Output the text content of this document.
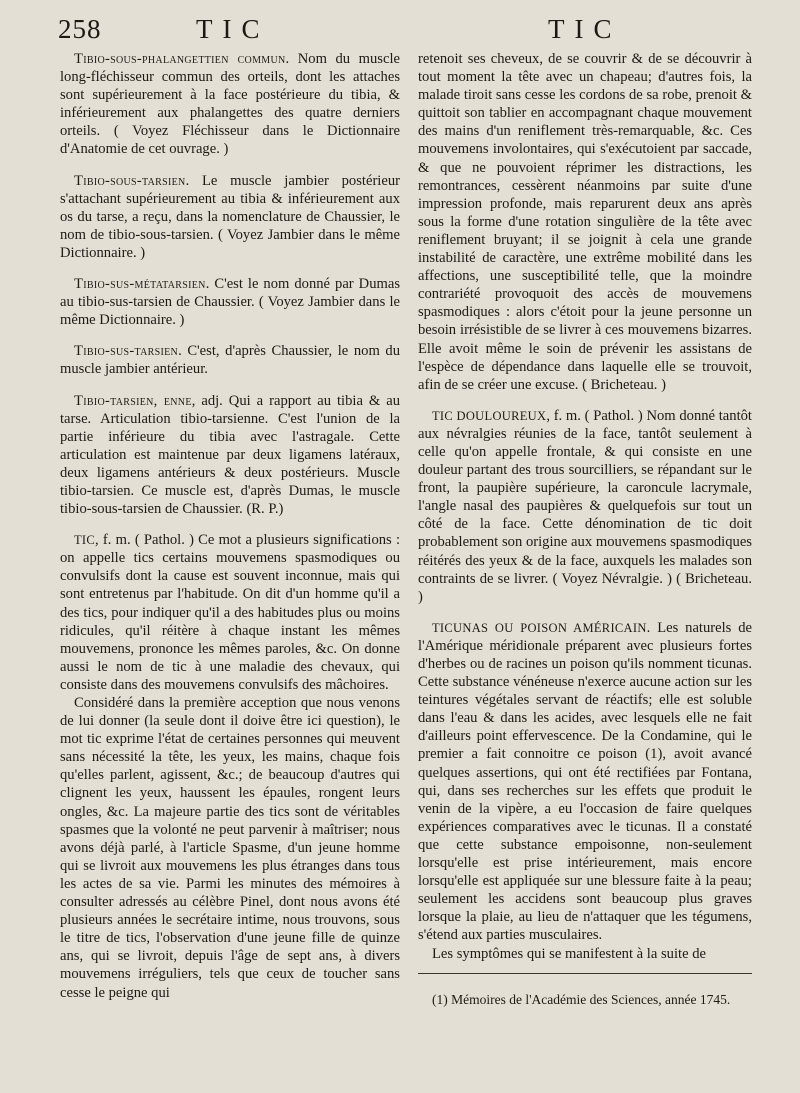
258	TIC	TIC

Tibio-sous-phalangettien commun. Nom du muscle long-fléchisseur commun des orteils, dont les attaches sont supérieurement à la face postérieure du tibia, & inférieurement aux phalangettes des quatre derniers orteils. ( Voyez Fléchisseur dans le Dictionnaire d'Anatomie de cet ouvrage. )

Tibio-sous-tarsien. Le muscle jambier postérieur s'attachant supérieurement au tibia & inférieurement aux os du tarse, a reçu, dans la nomenclature de Chaussier, le nom de tibio-sous-tarsien. ( Voyez Jambier dans le même Dictionnaire. )

Tibio-sus-métatarsien. C'est le nom donné par Dumas au tibio-sus-tarsien de Chaussier. ( Voyez Jambier dans le même Dictionnaire. )

Tibio-sus-tarsien. C'est, d'après Chaussier, le nom du muscle jambier antérieur.

Tibio-tarsien, enne, adj. Qui a rapport au tibia & au tarse. Articulation tibio-tarsienne. C'est l'union de la partie inférieure du tibia avec l'astragale. Cette articulation est maintenue par deux ligamens latéraux, deux ligamens antérieurs & deux postérieurs. Muscle tibio-tarsien. Ce muscle est, d'après Dumas, le muscle tibio-sous-tarsien de Chaussier. (R. P.)

TIC, f. m. ( Pathol. ) Ce mot a plusieurs significations : on appelle tics certains mouvemens spasmodiques ou convulsifs dont la cause est souvent inconnue, mais qui sont entretenus par l'habitude. On dit d'un homme qu'il a des tics, pour indiquer qu'il a des habitudes plus ou moins ridicules, qu'il réitère à chaque instant les mêmes mouvemens, prononce les mêmes paroles, &c. On donne aussi le nom de tic à une maladie des chevaux, qui consiste dans des mouvemens convulsifs des mâchoires.

Considéré dans la première acception que nous venons de lui donner (la seule dont il doive être ici question), le mot tic exprime l'état de certaines personnes qui meuvent sans nécessité la tête, les yeux, les mains, chaque fois qu'elles parlent, agissent, &c.; de beaucoup d'autres qui clignent les yeux, haussent les épaules, rongent leurs ongles, &c. La majeure partie des tics sont de véritables spasmes que la volonté ne peut parvenir à maîtriser; nous avons déjà parlé, à l'article Spasme, d'un jeune homme qui se livroit aux mouvemens les plus étranges dans tous les actes de sa vie. Parmi les minutes des mémoires à consulter adressés au célèbre Pinel, dont nous avons été plusieurs années le secrétaire intime, nous trouvons, sous le titre de tics, l'observation d'une jeune fille de quinze ans, qui se livroit, depuis l'âge de sept ans, à divers mouvemens irréguliers, tels que ceux de toucher sans cesse le peigne qui

retenoit ses cheveux, de se couvrir & de se découvrir à tout moment la tête avec un chapeau; d'autres fois, la malade tiroit sans cesse les cordons de sa robe, prenoit & quittoit son tablier en accompagnant chaque mouvement des mains d'un reniflement très-remarquable, &c. Ces mouvemens involontaires, qui s'exécutoient par saccade, & que ne pouvoient réprimer les distractions, les remontrances, cessèrent néanmoins par suite d'une impression profonde, mais reparurent deux ans après sous la forme d'une rotation singulière de la tête avec reniflement bruyant; il se joignit à cela une grande instabilité de caractère, une extrême mobilité dans les affections, une susceptibilité telle, que la moindre contrariété provoquoit des accès de mouvemens spasmodiques : alors c'étoit pour la jeune personne un besoin irrésistible de se livrer à ces mouvemens bizarres. Elle avoit même le soin de prévenir les assistans de l'espèce de dépendance dans laquelle elle se trouvoit, afin de se créer une excuse. ( Bricheteau. )

TIC DOULOUREUX, f. m. ( Pathol. ) Nom donné tantôt aux névralgies réunies de la face, tantôt seulement à celle qu'on appelle frontale, & qui consiste en une douleur partant des trous sourcilliers, se répandant sur le front, la paupière supérieure, la caroncule lacrymale, l'angle nasal des paupières & quelquefois sur tout un côté de la face. Cette dénomination de tic doit probablement son origine aux mouvemens spasmodiques réitérés des yeux & de la face, auxquels les malades son contraints de se livrer. ( Voyez Névralgie. ) ( Bricheteau. )

TICUNAS OU POISON AMÉRICAIN. Les naturels de l'Amérique méridionale préparent avec plusieurs fortes d'herbes ou de racines un poison qu'ils nomment ticunas. Cette substance vénéneuse n'exerce aucune action sur les teintures végétales servant de réactifs; elle est soluble dans l'eau & dans les acides, avec lesquels elle ne fait d'ailleurs point effervescence. De la Condamine, qui le premier a fait connoitre ce poison (1), avoit avancé quelques assertions, qui ont été rectifiées par Fontana, qui, dans ses recherches sur les effets que produit le venin de la vipère, a eu l'occasion de faire quelques expériences comparatives avec le ticunas. Il a constaté que cette substance empoisonne, non-seulement lorsqu'elle est prise intérieurement, mais encore lorsqu'elle est appliquée sur une blessure faite à la peau; seulement les accidens sont beaucoup plus graves lorsque la plaie, au lieu de n'attaquer que les tégumens, s'étend aux parties musculaires.

Les symptômes qui se manifestent à la suite de

(1) Mémoires de l'Académie des Sciences, année 1745.
